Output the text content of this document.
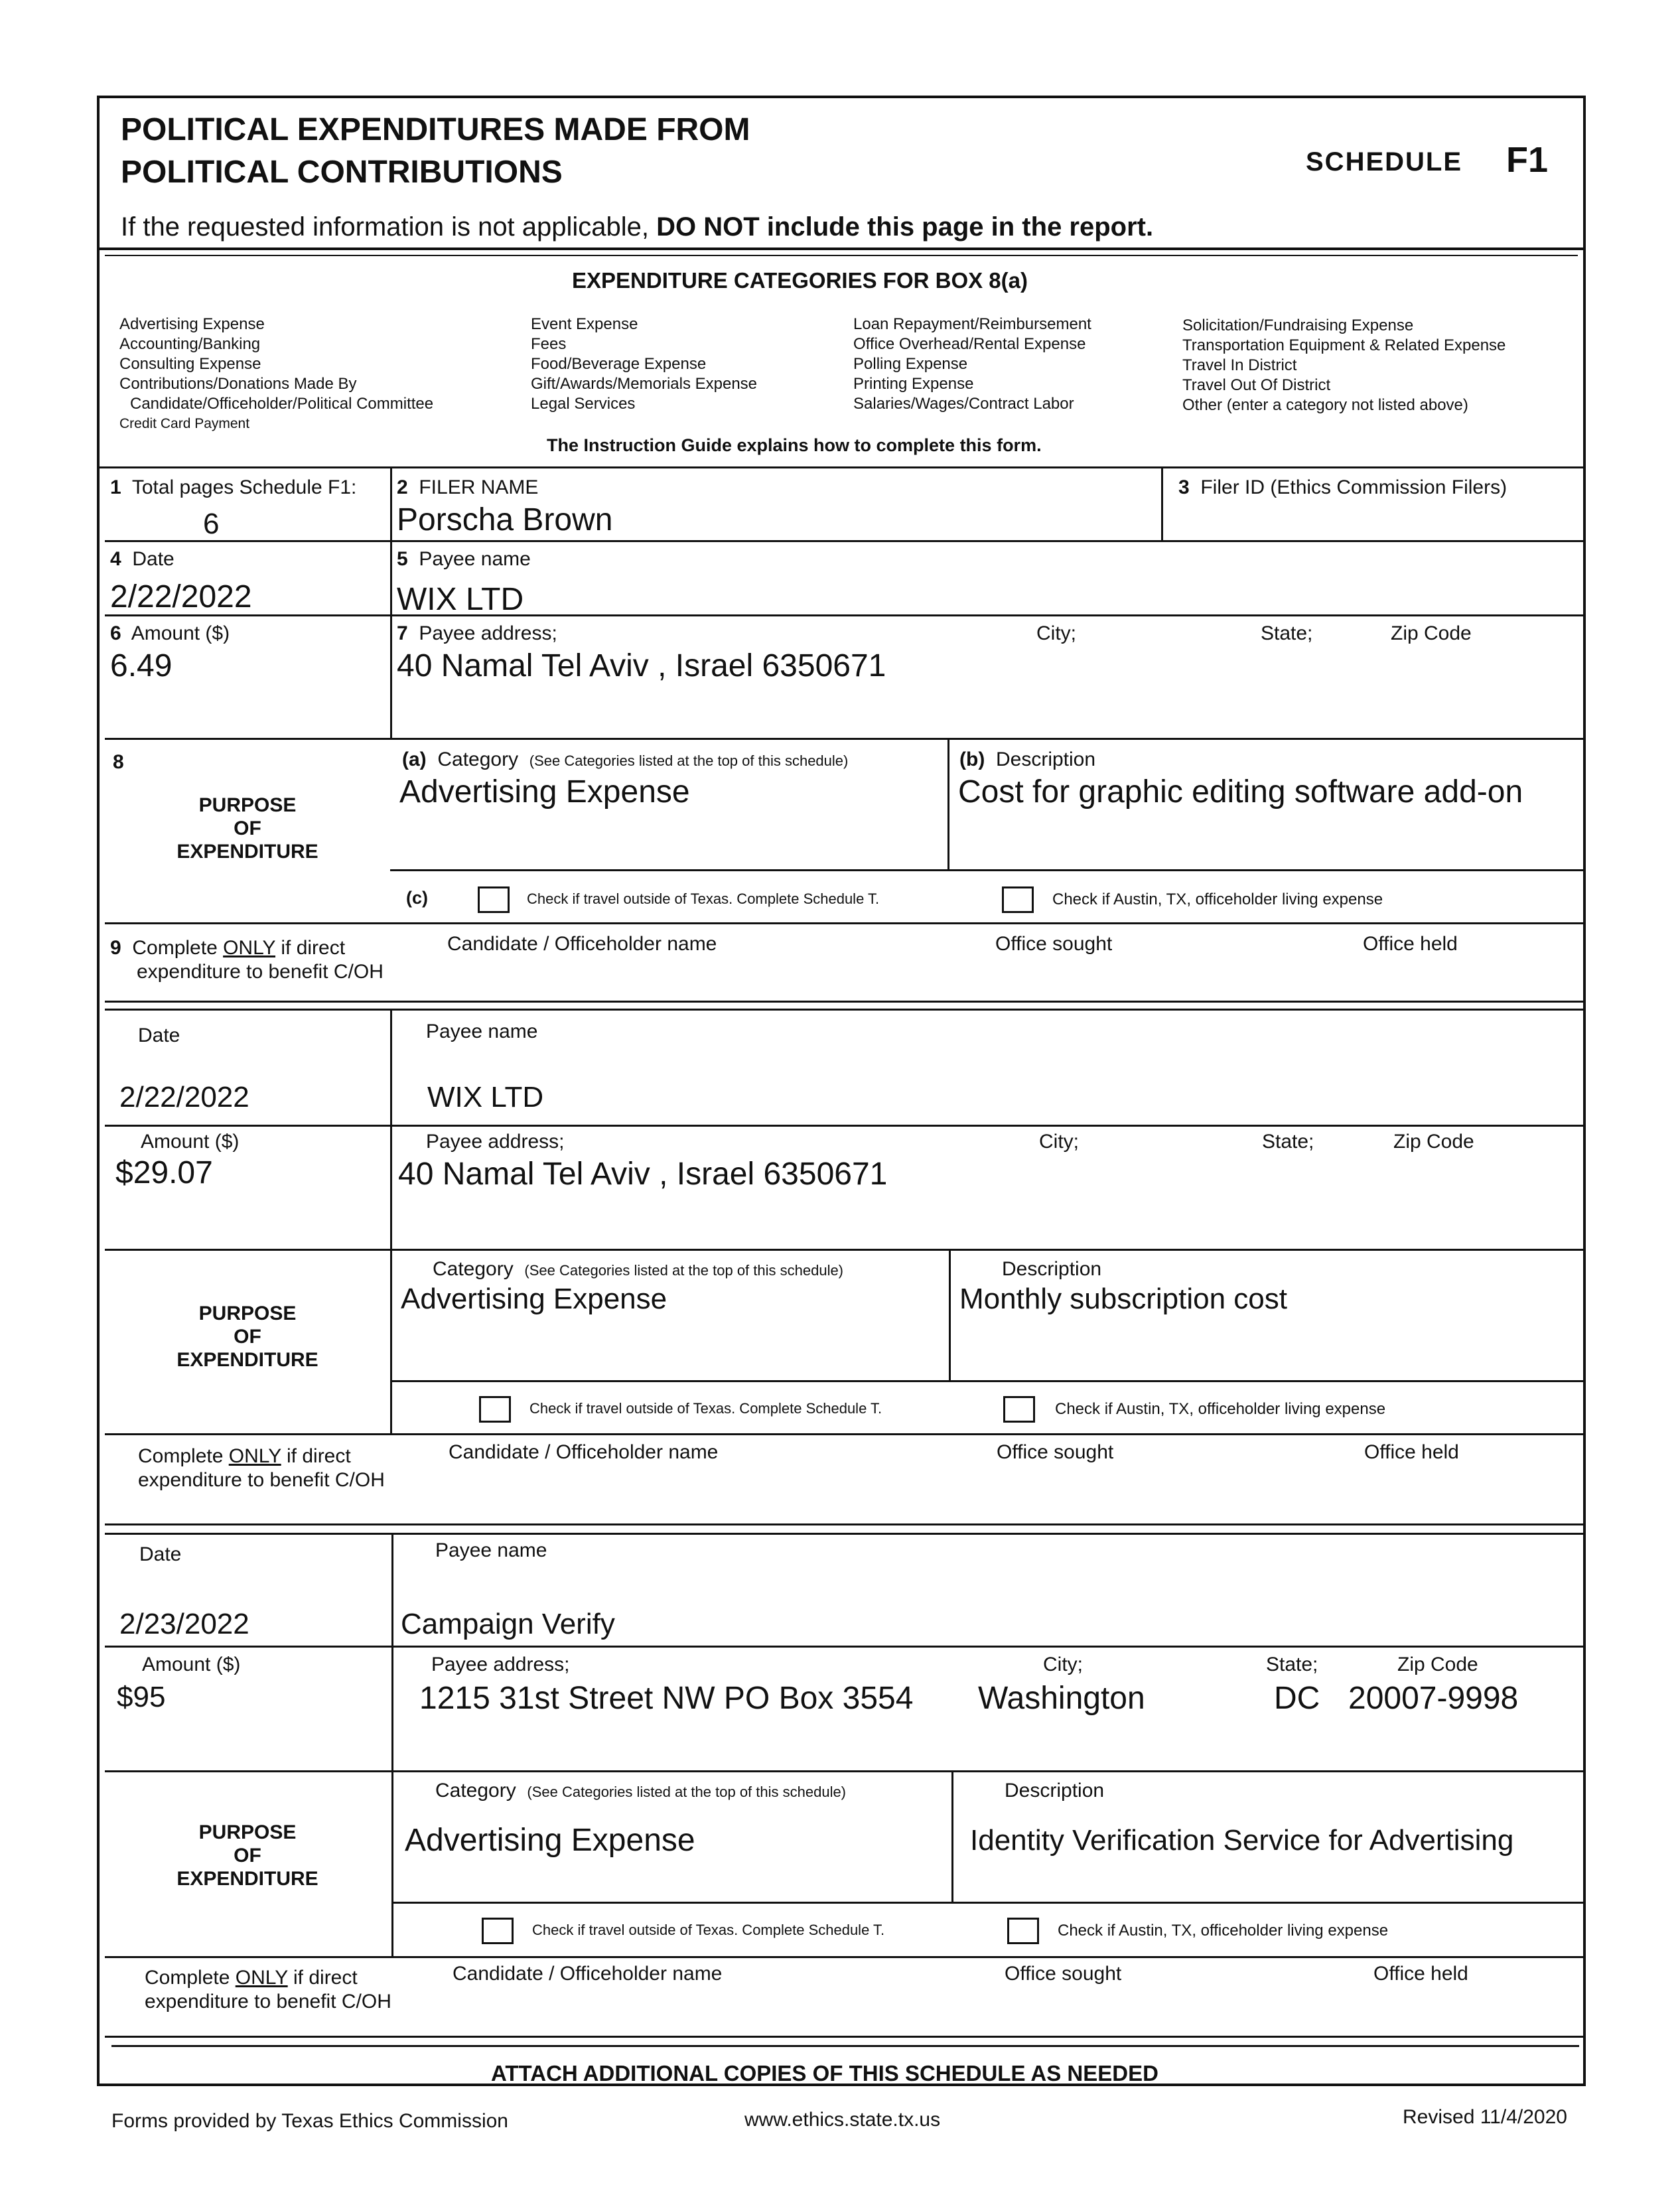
POLITICAL EXPENDITURES MADE FROM
POLITICAL CONTRIBUTIONS	SCHEDULE F1
If the requested information is not applicable, DO NOT include this page in the report.
EXPENDITURE CATEGORIES FOR BOX 8(a)
Advertising Expense
Accounting/Banking
Consulting Expense
Contributions/Donations Made By
Candidate/Officeholder/Political Committee
Credit Card Payment
Event Expense
Fees
Food/Beverage Expense
Gift/Awards/Memorials Expense
Legal Services
Loan Repayment/Reimbursement
Office Overhead/Rental Expense
Polling Expense
Printing Expense
Salaries/Wages/Contract Labor
Solicitation/Fundraising Expense
Transportation Equipment & Related Expense
Travel In District
Travel Out Of District
Other (enter a category not listed above)
The Instruction Guide explains how to complete this form.
1 Total pages Schedule F1:
6
2 FILER NAME
Porscha Brown
3 Filer ID (Ethics Commission Filers)
4 Date
2/22/2022
5 Payee name
WIX LTD
6 Amount ($)
6.49
7 Payee address;
40 Namal Tel Aviv , Israel 6350671
City;	State;	Zip Code
8
PURPOSE
OF
EXPENDITURE
(a) Category (See Categories listed at the top of this schedule)
Advertising Expense
(b) Description
Cost for graphic editing software add-on
(c)	Check if travel outside of Texas. Complete Schedule T.	Check if Austin, TX, officeholder living expense
9 Complete ONLY if direct
expenditure to benefit C/OH
Candidate / Officeholder name	Office sought	Office held
Date
2/22/2022
Payee name
WIX LTD
Amount ($)
$29.07
Payee address;
40 Namal Tel Aviv , Israel 6350671
City;	State;	Zip Code
PURPOSE
OF
EXPENDITURE
Category (See Categories listed at the top of this schedule)
Advertising Expense
Description
Monthly subscription cost
Check if travel outside of Texas. Complete Schedule T.	Check if Austin, TX, officeholder living expense
Complete ONLY if direct
expenditure to benefit C/OH
Candidate / Officeholder name	Office sought	Office held
Date
2/23/2022
Payee name
Campaign Verify
Amount ($)
$95
Payee address;
1215 31st Street NW PO Box 3554
City;
Washington
State;
DC
Zip Code
20007-9998
PURPOSE
OF
EXPENDITURE
Category (See Categories listed at the top of this schedule)
Advertising Expense
Description
Identity Verification Service for Advertising
Check if travel outside of Texas. Complete Schedule T.	Check if Austin, TX, officeholder living expense
Complete ONLY if direct
expenditure to benefit C/OH
Candidate / Officeholder name	Office sought	Office held
ATTACH ADDITIONAL COPIES OF THIS SCHEDULE AS NEEDED
Forms provided by Texas Ethics Commission	www.ethics.state.tx.us	Revised 11/4/2020
